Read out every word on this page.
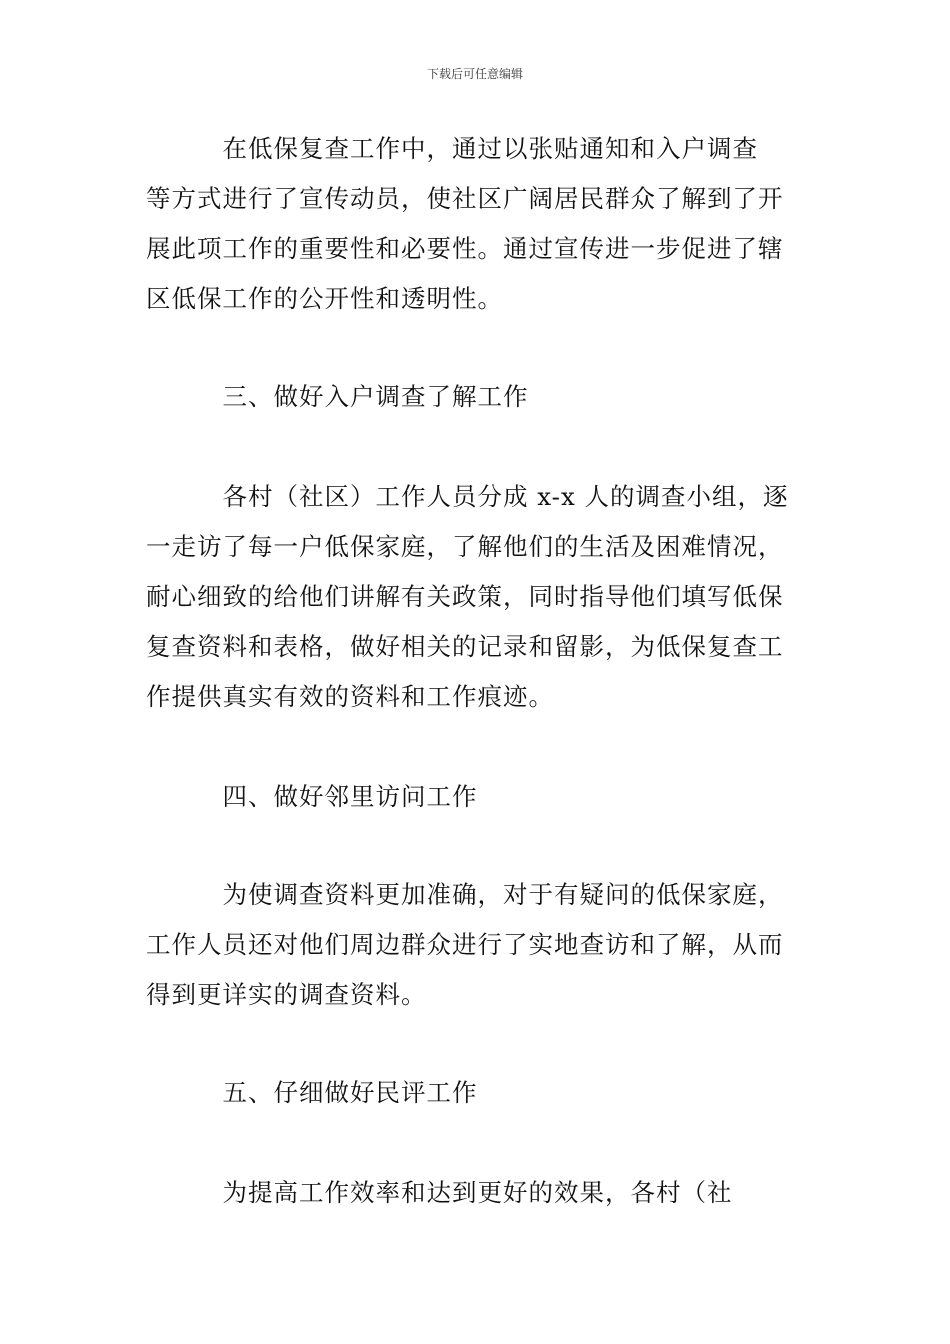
下载后可任意编辑
　　　在低保复查工作中，通过以张贴通知和入户调查
等方式进行了宣传动员，使社区广阔居民群众了解到了开
展此项工作的重要性和必要性。通过宣传进一步促进了辖
区低保工作的公开性和透明性。
　　　三、做好入户调查了解工作
　　　各村（社区）工作人员分成 x-x 人的调查小组，逐
一走访了每一户低保家庭，了解他们的生活及困难情况，
耐心细致的给他们讲解有关政策，同时指导他们填写低保
复查资料和表格，做好相关的记录和留影，为低保复查工
作提供真实有效的资料和工作痕迹。
　　　四、做好邻里访问工作
　　　为使调查资料更加准确，对于有疑问的低保家庭，
工作人员还对他们周边群众进行了实地查访和了解，从而
得到更详实的调查资料。
　　　五、仔细做好民评工作
　　　为提高工作效率和达到更好的效果，各村（社
